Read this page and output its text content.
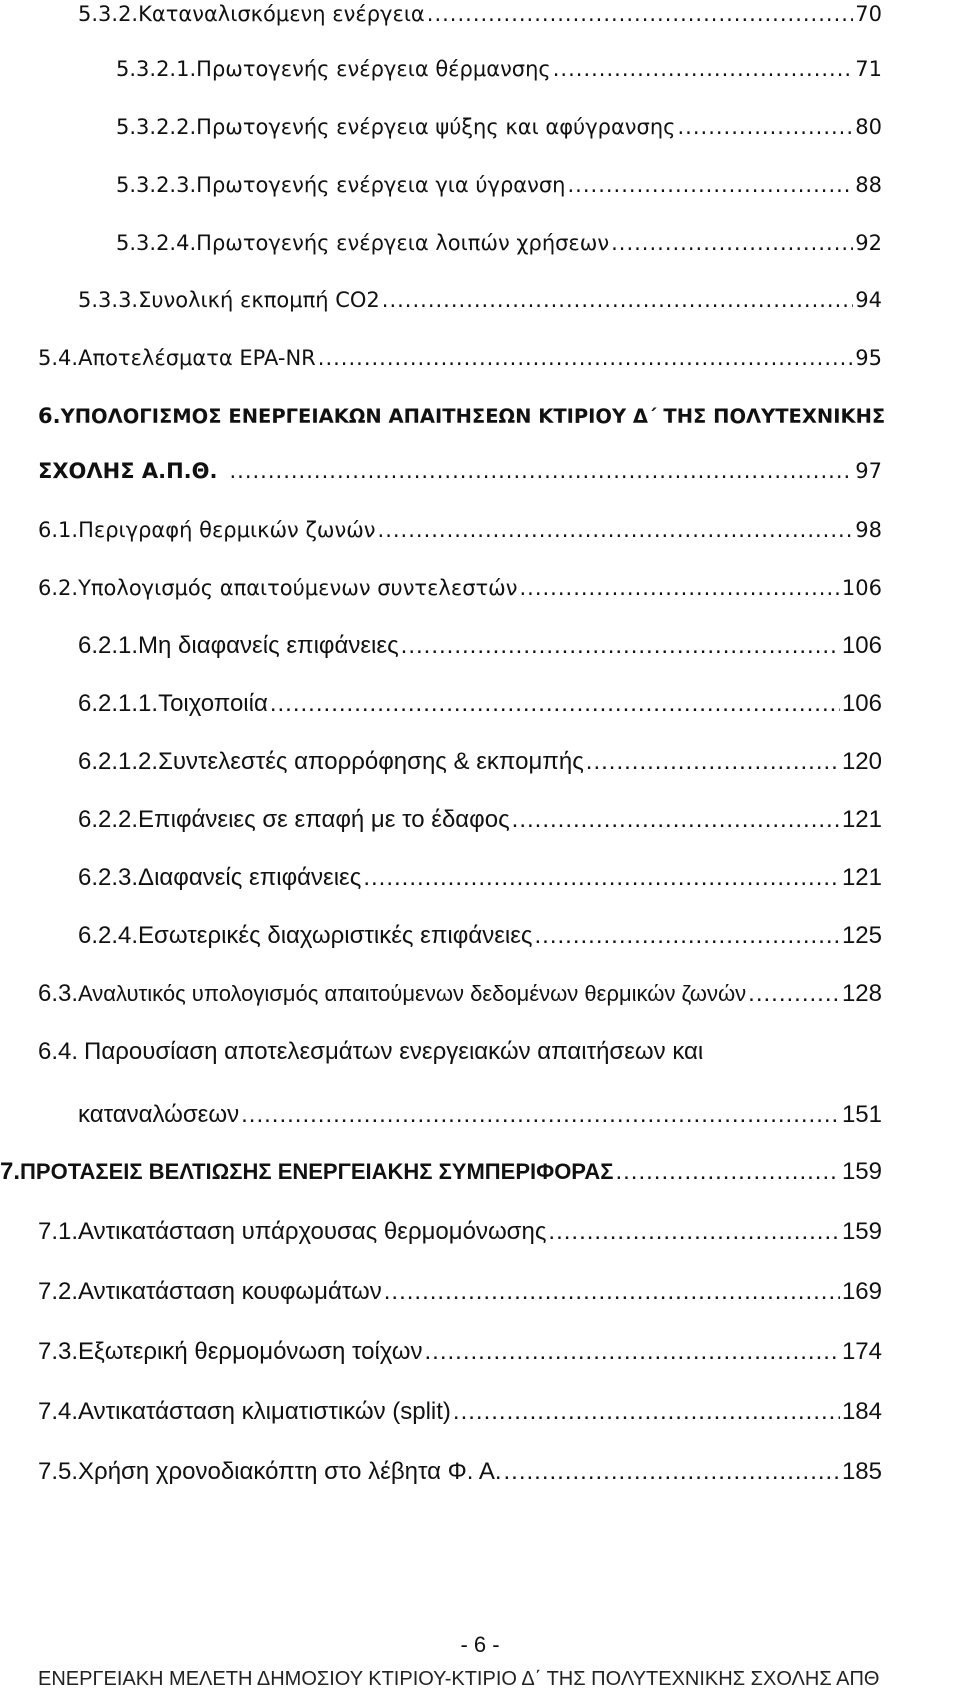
5.3.2. Καταναλισκόμενη ενέργεια .....	70
5.3.2.1. Πρωτογενής ενέργεια θέρμανσης .....	71
5.3.2.2. Πρωτογενής ενέργεια ψύξης και αφύγρανσης .....	80
5.3.2.3. Πρωτογενής ενέργεια για ύγρανση .....	88
5.3.2.4. Πρωτογενής ενέργεια λοιπών χρήσεων .....	92
5.3.3. Συνολική εκπομπή CO2 .....	94
5.4. Αποτελέσματα EPA-NR .....	95
6. ΥΠΟΛΟΓΙΣΜΟΣ ΕΝΕΡΓΕΙΑΚΩΝ ΑΠΑΙΤΗΣΕΩΝ ΚΤΙΡΙΟΥ Δ΄ ΤΗΣ ΠΟΛΥΤΕΧΝΙΚΗΣ
ΣΧΟΛΗΣ Α.Π.Θ. .....	97
6.1. Περιγραφή θερμικών ζωνών .....	98
6.2. Υπολογισμός απαιτούμενων συντελεστών .....	106
6.2.1. Μη διαφανείς επιφάνειες .....	106
6.2.1.1. Τοιχοποιία .....	106
6.2.1.2. Συντελεστές απορρόφησης & εκπομπής .....	120
6.2.2. Επιφάνειες σε επαφή με το έδαφος .....	121
6.2.3. Διαφανείς επιφάνειες .....	121
6.2.4. Εσωτερικές διαχωριστικές επιφάνειες .....	125
6.3. Αναλυτικός υπολογισμός απαιτούμενων δεδομένων θερμικών ζωνών .....	128
6.4. Παρουσίαση αποτελεσμάτων ενεργειακών απαιτήσεων και
καταναλώσεων .....	151
7. ΠΡΟΤΑΣΕΙΣ ΒΕΛΤΙΩΣΗΣ ΕΝΕΡΓΕΙΑΚΗΣ ΣΥΜΠΕΡΙΦΟΡΑΣ .....	159
7.1. Αντικατάσταση υπάρχουσας θερμομόνωσης .....	159
7.2. Αντικατάσταση κουφωμάτων .....	169
7.3. Εξωτερική θερμομόνωση τοίχων .....	174
7.4. Αντικατάσταση κλιματιστικών (split) .....	184
7.5. Χρήση χρονοδιακόπτη στο λέβητα Φ. Α. .....	185
- 6 -
ΕΝΕΡΓΕΙΑΚΗ ΜΕΛΕΤΗ ΔΗΜΟΣΙΟΥ ΚΤΙΡΙΟΥ-ΚΤΙΡΙΟ Δ΄ ΤΗΣ ΠΟΛΥΤΕΧΝΙΚΗΣ ΣΧΟΛΗΣ ΑΠΘ
